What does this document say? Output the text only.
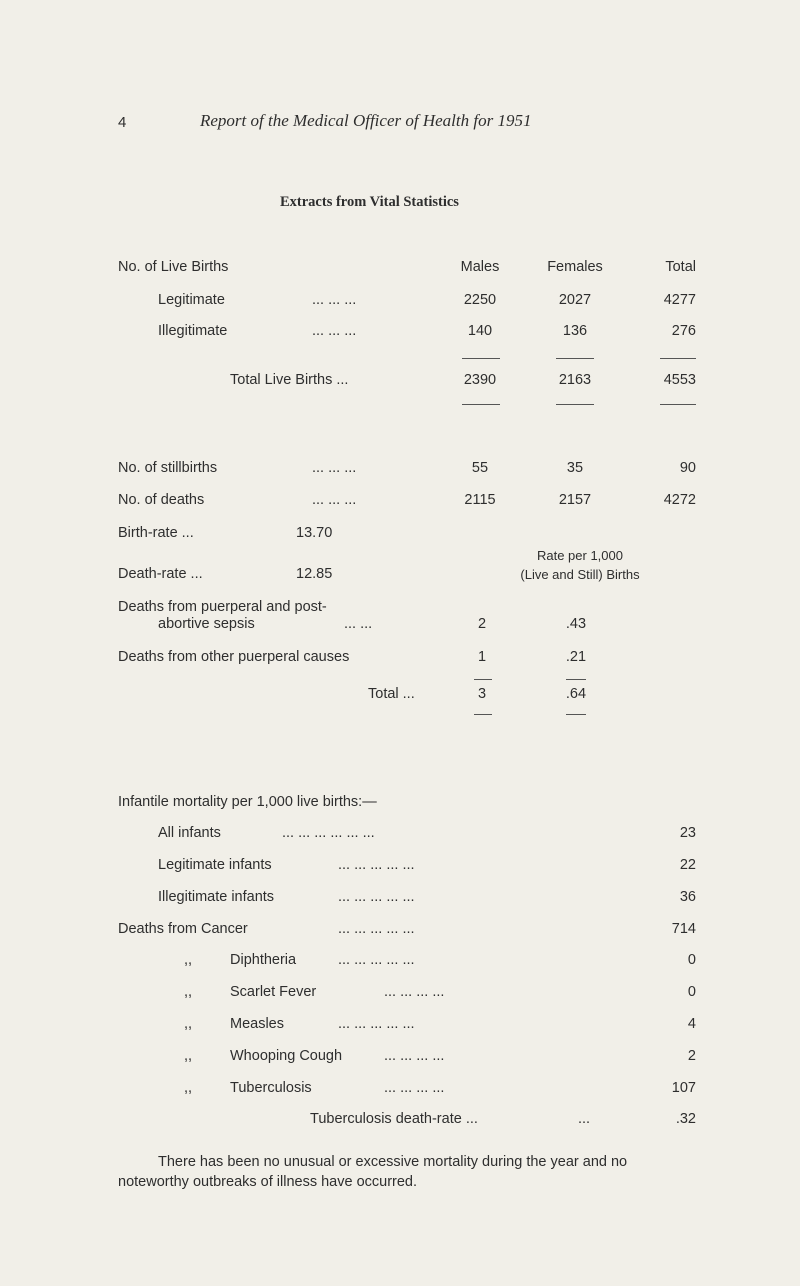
4	Report of the Medical Officer of Health for 1951
Extracts from Vital Statistics
No. of Live Births	Males	Females	Total
Legitimate	... ... ...	2250	2027	4277
Illegitimate	... ... ...	140	136	276
Total Live Births ...	2390	2163	4553
No. of stillbirths	... ... ...	55	35	90
No. of deaths	... ... ...	2115	2157	4272
Birth-rate ...	13.70
Rate per 1,000
(Live and Still) Births
Death-rate ...	12.85
Deaths from puerperal and post-
abortive sepsis	... ...	2	.43
Deaths from other puerperal causes	1	.21
Total ...	3	.64
Infantile mortality per 1,000 live births:—
All infants	... ... ... ... ... ...	23
Legitimate infants	... ... ... ... ...	22
Illegitimate infants	... ... ... ... ...	36
Deaths from Cancer	... ... ... ... ...	714
,,	Diphtheria	... ... ... ... ...	0
,,	Scarlet Fever	... ... ... ...	0
,,	Measles	... ... ... ... ...	4
,,	Whooping Cough	... ... ... ...	2
,,	Tuberculosis	... ... ... ...	107
Tuberculosis death-rate ...	...	.32
There has been no unusual or excessive mortality during the year and no noteworthy outbreaks of illness have occurred.
